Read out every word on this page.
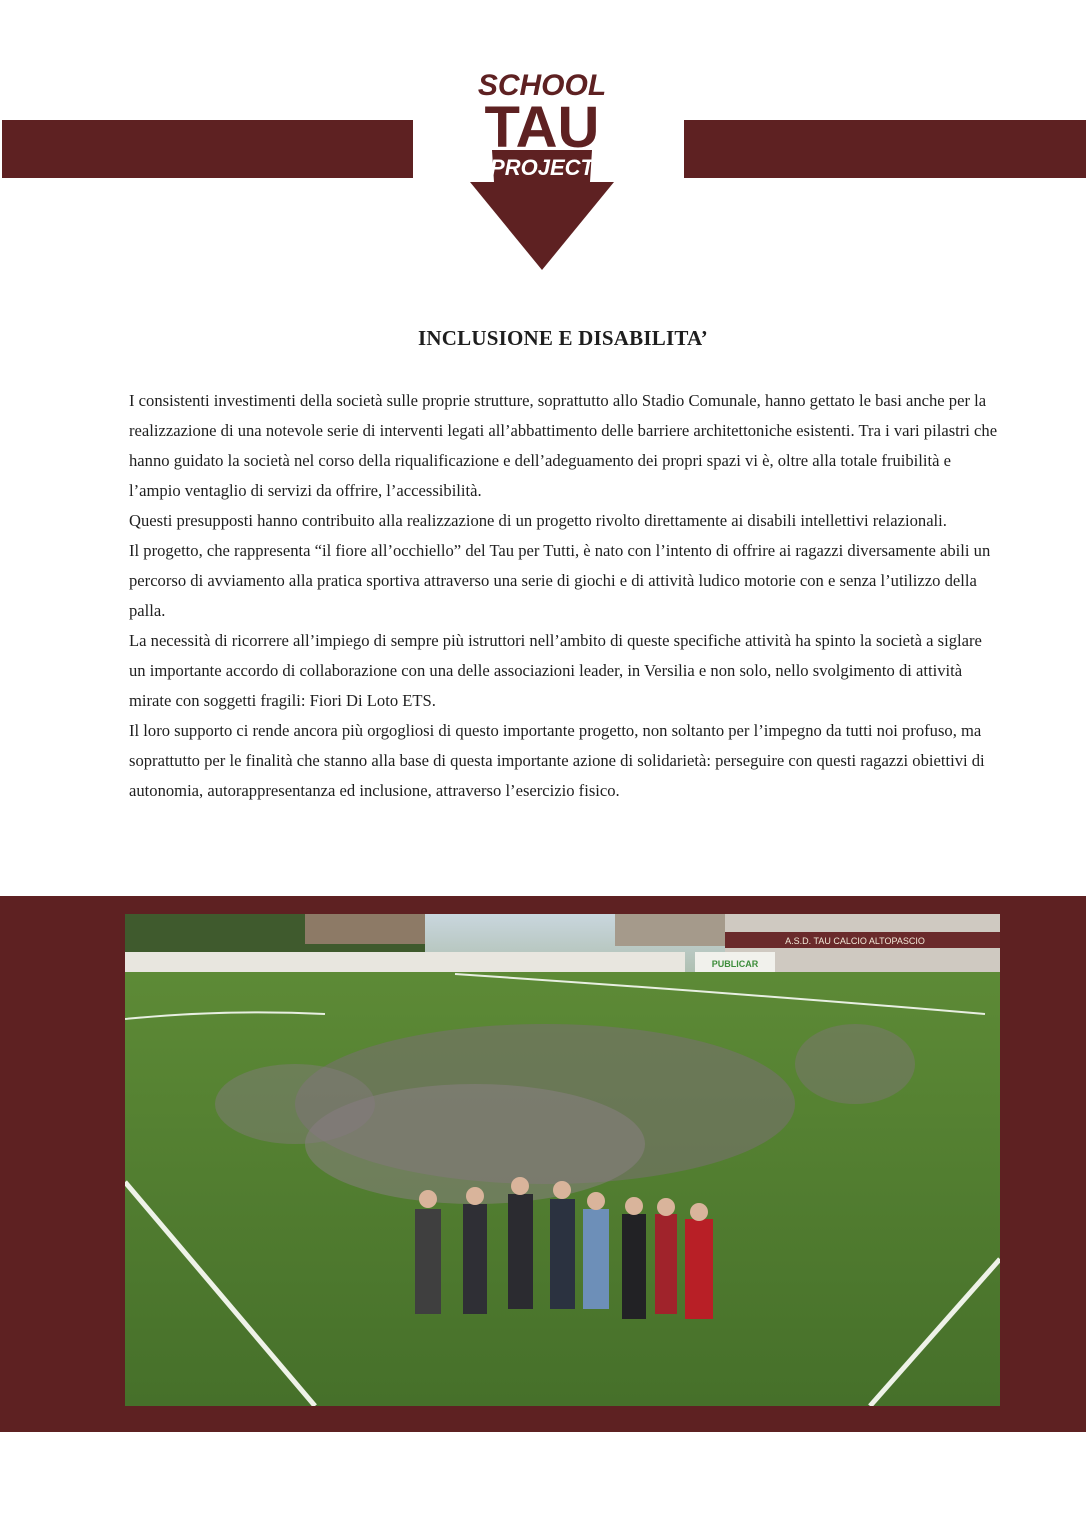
SCHOOL
TAU
PROJECT
INCLUSIONE E DISABILITA’

I consistenti investimenti della società sulle proprie strutture, soprattutto allo Stadio Comunale, hanno gettato le basi anche per la realizzazione di una notevole serie di interventi legati all’abbattimento delle barriere architettoniche esistenti. Tra i vari pilastri che hanno guidato la società nel corso della riqualificazione e dell’adeguamento dei propri spazi vi è, oltre alla totale fruibilità e l’ampio ventaglio di servizi da offrire, l’accessibilità.

Questi presupposti hanno contribuito alla realizzazione di un progetto rivolto direttamente ai disabili intellettivi relazionali.

Il progetto, che rappresenta “il fiore all’occhiello” del Tau per Tutti, è nato con l’intento di offrire ai ragazzi diversamente abili un percorso di avviamento alla pratica sportiva attraverso una serie di giochi e di attività ludico motorie con e senza l’utilizzo della palla.

La necessità di ricorrere all’impiego di sempre più istruttori nell’ambito di queste specifiche attività ha spinto la società a siglare un importante accordo di collaborazione con una delle associazioni leader, in Versilia e non solo, nello svolgimento di attività mirate con soggetti fragili: Fiori Di Loto ETS.

Il loro supporto ci rende ancora più orgogliosi di questo importante progetto, non soltanto per l’impegno da tutti noi profuso, ma soprattutto per le finalità che stanno alla base di questa importante azione di solidarietà: perseguire con questi ragazzi obiettivi di autonomia, autorappresentanza ed inclusione, attraverso l’esercizio fisico.

A.S.D. TAU CALCIO ALTOPASCIO
PUBLICAR
